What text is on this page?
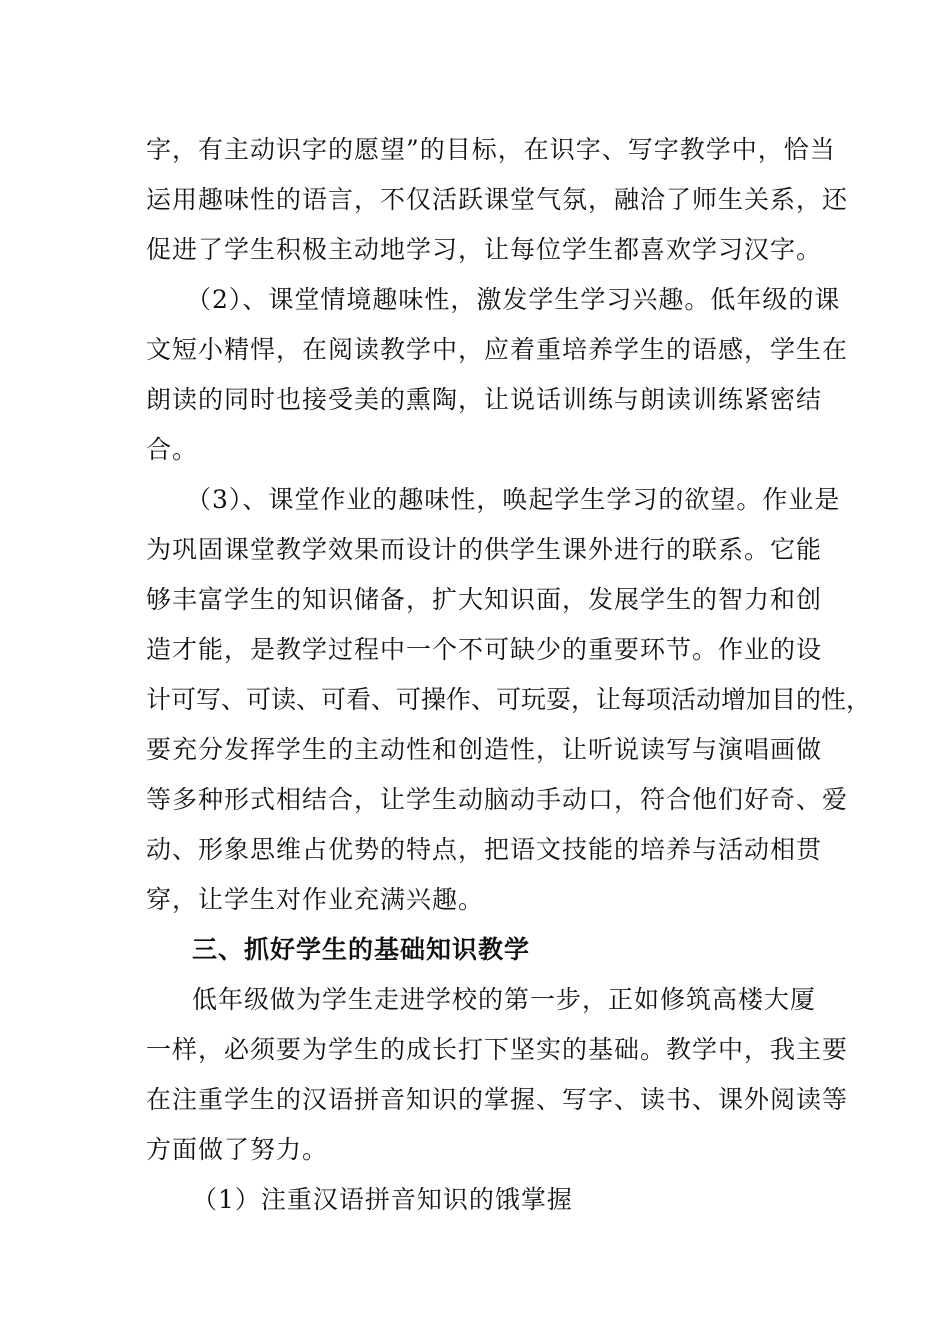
字，有主动识字的愿望”的目标，在识字、写字教学中，恰当
运用趣味性的语言，不仅活跃课堂气氛，融洽了师生关系，还
促进了学生积极主动地学习，让每位学生都喜欢学习汉字。
（2）、课堂情境趣味性，激发学生学习兴趣。低年级的课
文短小精悍，在阅读教学中，应着重培养学生的语感，学生在
朗读的同时也接受美的熏陶，让说话训练与朗读训练紧密结
合。
（3）、课堂作业的趣味性，唤起学生学习的欲望。作业是
为巩固课堂教学效果而设计的供学生课外进行的联系。它能
够丰富学生的知识储备，扩大知识面，发展学生的智力和创
造才能，是教学过程中一个不可缺少的重要环节。作业的设
计可写、可读、可看、可操作、可玩耍，让每项活动增加目的性，
要充分发挥学生的主动性和创造性，让听说读写与演唱画做
等多种形式相结合，让学生动脑动手动口，符合他们好奇、爱
动、形象思维占优势的特点，把语文技能的培养与活动相贯
穿，让学生对作业充满兴趣。
三、抓好学生的基础知识教学
低年级做为学生走进学校的第一步，正如修筑高楼大厦
一样，必须要为学生的成长打下坚实的基础。教学中，我主要
在注重学生的汉语拼音知识的掌握、写字、读书、课外阅读等
方面做了努力。
（1）注重汉语拼音知识的饿掌握
